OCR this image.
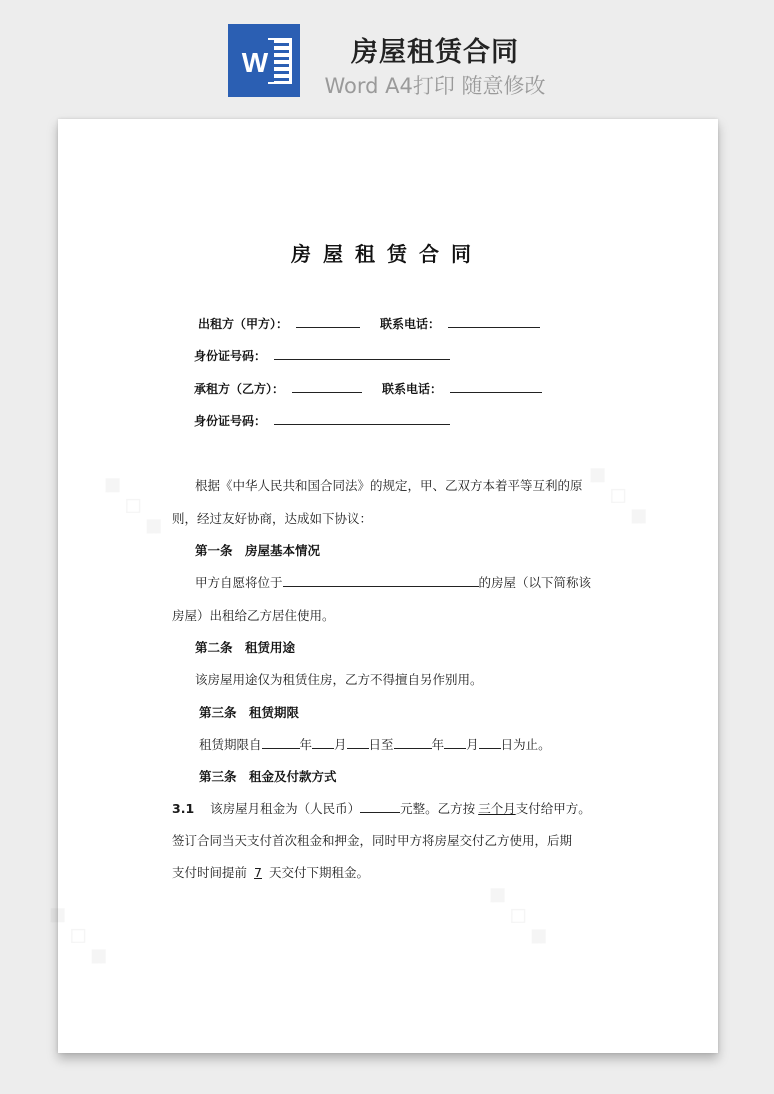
W	房屋租赁合同
Word A4打印 随意修改
◆ ◇ ◆	◆ ◇ ◆
◆ ◇ ◆	◆ ◇ ◆
房屋租赁合同
出租方（甲方）：	联系电话：
身份证号码：
承租方（乙方）：	联系电话：
身份证号码：
根据《中华人民共和国合同法》的规定，甲、乙双方本着平等互利的原
则，经过友好协商，达成如下协议：
第一条　房屋基本情况
甲方自愿将位于	的房屋（以下简称该
房屋）出租给乙方居住使用。
第二条　租赁用途
该房屋用途仅为租赁住房，乙方不得擅自另作别用。
第三条　租赁期限
租赁期限自	年 月 日至	年 月 日为止。
第三条　租金及付款方式
3.1 该房屋月租金为（人民币）	元整。乙方按 三个月支付给甲方。
签订合同当天支付首次租金和押金，同时甲方将房屋交付乙方使用，后期
支付时间提前 7 天交付下期租金。
